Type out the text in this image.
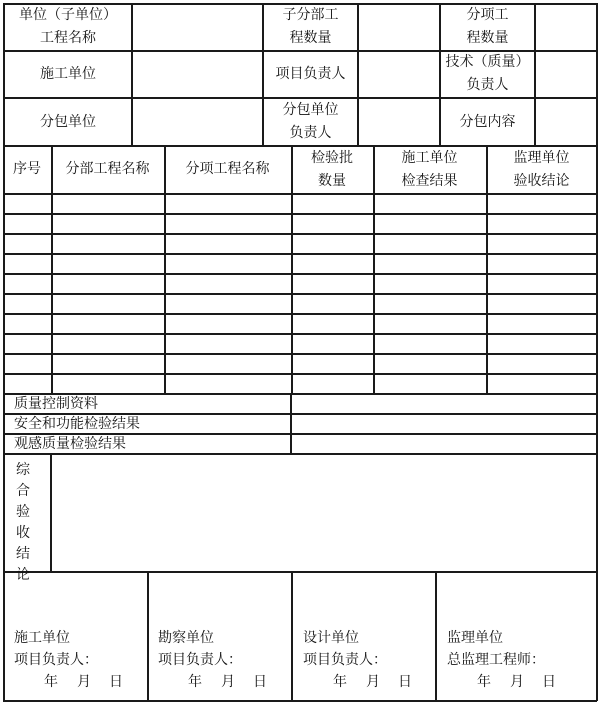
单位（子单位）
工程名称
子分部工
程数量
分项工
程数量
施工单位	项目负责人
技术（质量）
负责人
分包单位
分包单位
负责人
分包内容
质量控制资料
安全和功能检验结果
观感质量检验结果
综
合
验
收
结
论
序号 分部工程名称	分项工程名称
检验批
数量
施工单位
检查结果
监理单位
验收结论
施工单位
项目负责人：
年 月 日
勘察单位
项目负责人：
年 月 日
设计单位
项目负责人：
年 月 日
监理单位
总监理工程师：
年 月 日
